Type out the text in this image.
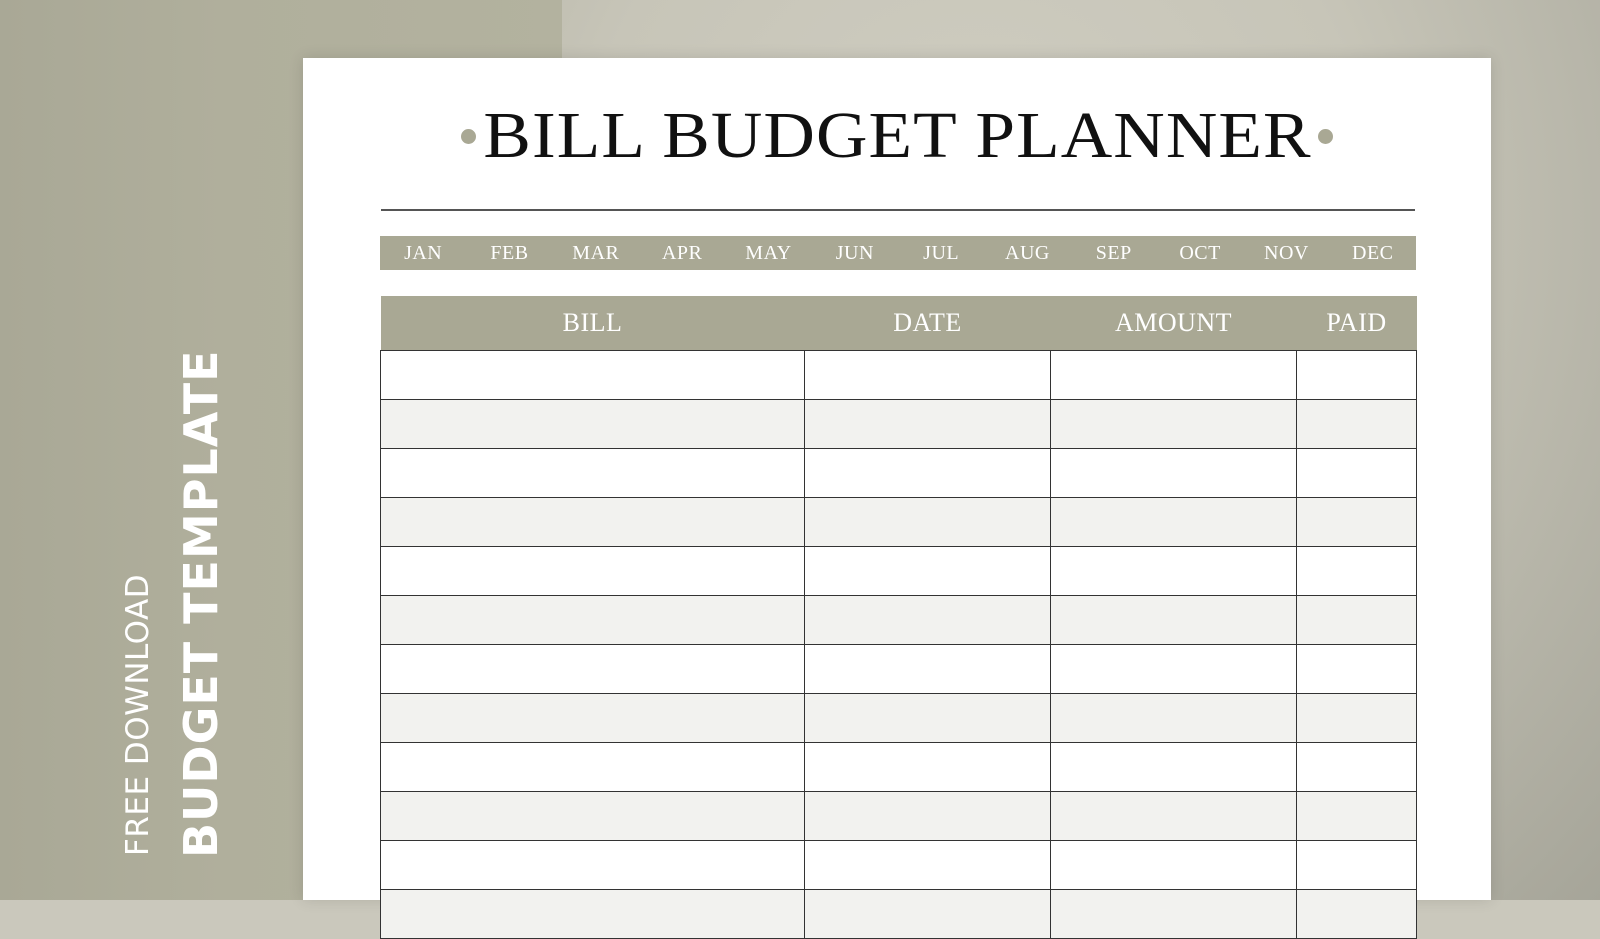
FREE DOWNLOAD BUDGET TEMPLATE
BILL BUDGET PLANNER
JAN	FEB	MAR	APR	MAY	JUN	JUL	AUG	SEP	OCT	NOV	DEC
BILL	DATE	AMOUNT	PAID
